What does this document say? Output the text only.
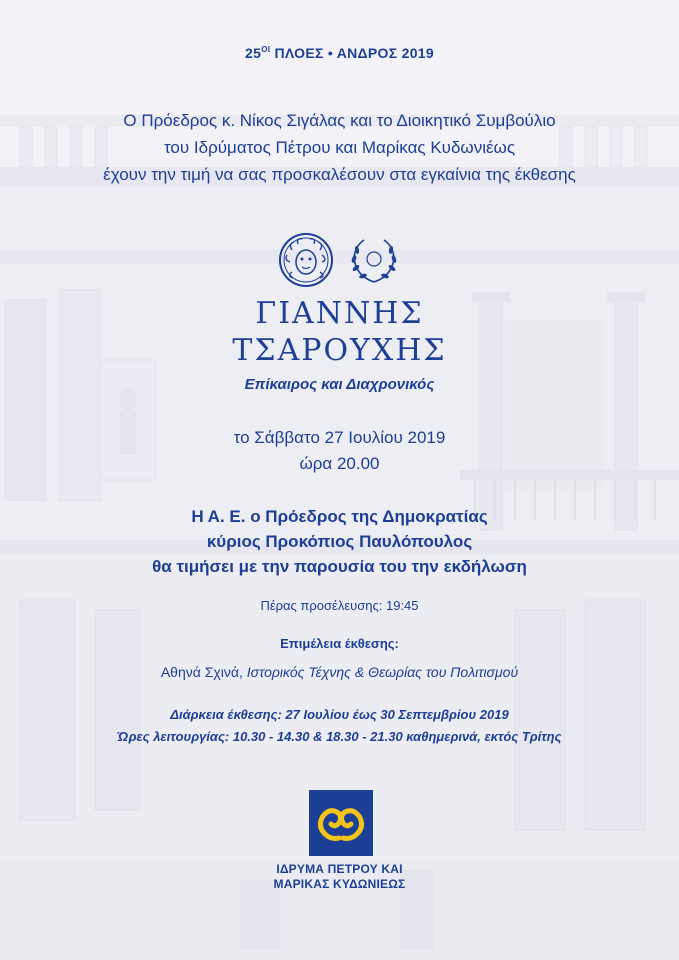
$25^{OI}$ ΠΛΟΕΣ • ΑΝΔΡΟΣ 2019
Ο Πρόεδρος κ. Νίκος Σιγάλας και το Διοικητικό Συμβούλιο
του Ιδρύματος Πέτρου και Μαρίκας Κυδωνιέως
έχουν την τιμή να σας προσκαλέσουν στα εγκαίνια της έκθεσης
ΓΙΑΝΝΗΣ
ΤΣΑΡΟΥΧΗΣ
Επίκαιρος και Διαχρονικός
το Σάββατο 27 Ιουλίου 2019
ώρα 20.00
Η Α. Ε. ο Πρόεδρος της Δημοκρατίας
κύριος Προκόπιος Παυλόπουλος
θα τιμήσει με την παρουσία του την εκδήλωση
Πέρας προσέλευσης: 19:45
Επιμέλεια έκθεσης:
Αθηνά Σχινά, Ιστορικός Τέχνης & Θεωρίας του Πολιτισμού
Διάρκεια έκθεσης: 27 Ιουλίου έως 30 Σεπτεμβρίου 2019
Ώρες λειτουργίας: 10.30 - 14.30 & 18.30 - 21.30 καθημερινά, εκτός Τρίτης
ΙΔΡΥΜΑ ΠΕΤΡΟΥ ΚΑΙ
ΜΑΡΙΚΑΣ ΚΥΔΩΝΙΕΩΣ
